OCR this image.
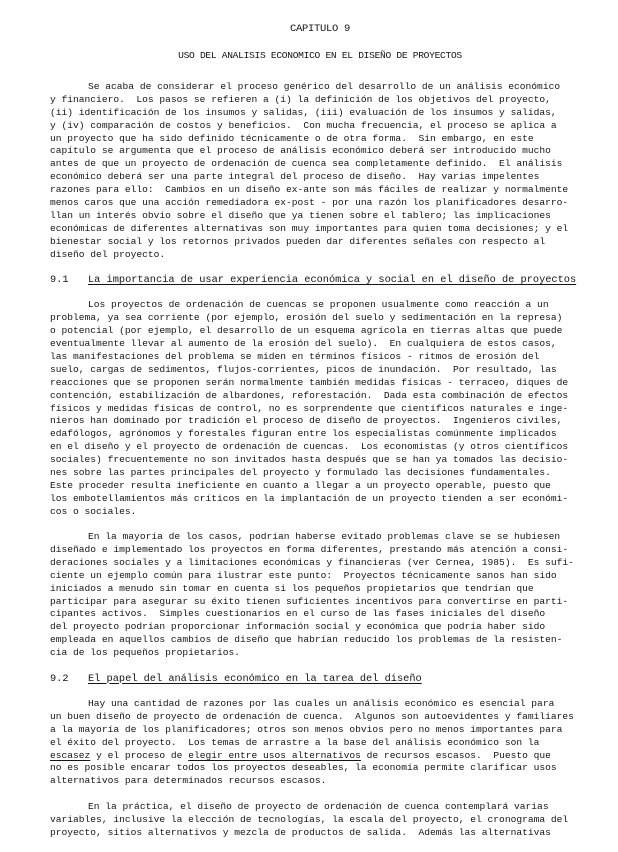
CAPITULO 9
USO DEL ANALISIS ECONOMICO EN EL DISEÑO DE PROYECTOS
Se acaba de considerar el proceso genérico del desarrollo de un análisis económico
y financiero.  Los pasos se refieren a (i) la definición de los objetivos del proyecto,
(ii) identificación de los insumos y salidas, (iii) evaluación de los insumos y salidas,
y (iv) comparación de costos y beneficios.  Con mucha frecuencia, el proceso se aplica a
un proyecto que ha sido definido técnicamente o de otra forma.  Sin embargo, en este
capítulo se argumenta que el proceso de análisis económico deberá ser introducido mucho
antes de que un proyecto de ordenación de cuenca sea completamente definido.  El análisis
económico deberá ser una parte integral del proceso de diseño.  Hay varias impelentes
razones para ello:  Cambios en un diseño ex-ante son más fáciles de realizar y normalmente
menos caros que una acción remediadora ex-post - por una razón los planificadores desarro-
llan un interés obvio sobre el diseño que ya tienen sobre el tablero; las implicaciones
económicas de diferentes alternativas son muy importantes para quien toma decisiones; y el
bienestar social y los retornos privados pueden dar diferentes señales con respecto al
diseño del proyecto.
9.1	La importancia de usar experiencia económica y social en el diseño de proyectos
Los proyectos de ordenación de cuencas se proponen usualmente como reacción a un
problema, ya sea corriente (por ejemplo, erosión del suelo y sedimentación en la represa)
o potencial (por ejemplo, el desarrollo de un esquema agrícola en tierras altas que puede
eventualmente llevar al aumento de la erosión del suelo).  En cualquiera de estos casos,
las manifestaciones del problema se miden en términos físicos - ritmos de erosión del
suelo, cargas de sedimentos, flujos-corrientes, picos de inundación.  Por resultado, las
reacciones que se proponen serán normalmente también medidas físicas - terraceo, diques de
contención, estabilización de albardones, reforestación.  Dada esta combinación de efectos
físicos y medidas físicas de control, no es sorprendente que científicos naturales e inge-
nieros han dominado por tradición el proceso de diseño de proyectos.  Ingenieros civiles,
edafólogos, agrónomos y forestales figuran entre los especialistas comúnmente implicados
en el diseño y el proyecto de ordenación de cuencas.  Los economistas (y otros científicos
sociales) frecuentemente no son invitados hasta después que se han ya tomados las decisio-
nes sobre las partes principales del proyecto y formulado las decisiones fundamentales.
Este proceder resulta ineficiente en cuanto a llegar a un proyecto operable, puesto que
los embotellamientos más críticos en la implantación de un proyecto tienden a ser económi-
cos o sociales.
En la mayoría de los casos, podrían haberse evitado problemas clave se se hubiesen
diseñado e implementado los proyectos en forma diferentes, prestando más atención a consi-
deraciones sociales y a limitaciones económicas y financieras (ver Cernea, 1985).  Es sufi-
ciente un ejemplo común para ilustrar este punto:  Proyectos técnicamente sanos han sido
iniciados a menudo sin tomar en cuenta si los pequeños propietarios que tendrían que
participar para asegurar su éxito tienen suficientes incentivos para convertirse en parti-
cipantes activos.  Simples cuestionarios en el curso de las fases iniciales del diseño
del proyecto podrían proporcionar información social y económica que podría haber sido
empleada en aquellos cambios de diseño que habrían reducido los problemas de la resisten-
cia de los pequeños propietarios.
9.2	El papel del análisis económico en la tarea del diseño
Hay una cantidad de razones por las cuales un análisis económico es esencial para
un buen diseño de proyecto de ordenación de cuenca.  Algunos son autoevidentes y familiares
a la mayoría de los planificadores; otros son menos obvios pero no menos importantes para
el éxito del proyecto.  Los temas de arrastre a la base del análisis económico son la
escasez y el proceso de elegir entre usos alternativos de recursos escasos.  Puesto que
no es posible encarar todos los proyectos deseables, la economía permite clarificar usos
alternativos para determinados recursos escasos.
En la práctica, el diseño de proyecto de ordenación de cuenca contemplará varias
variables, inclusive la elección de tecnologías, la escala del proyecto, el cronograma del
proyecto, sitios alternativos y mezcla de productos de salida.  Además las alternativas
